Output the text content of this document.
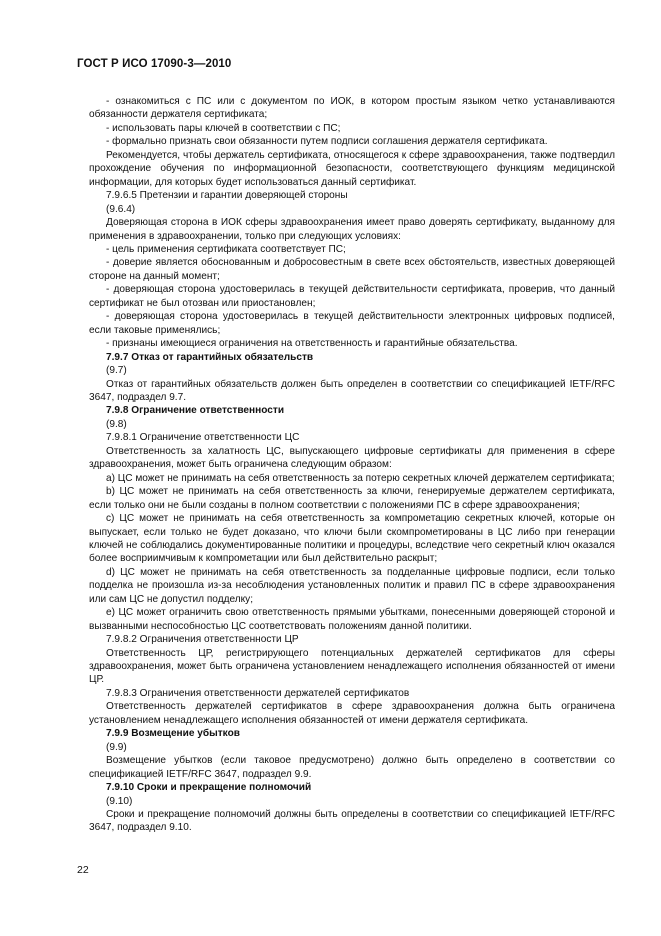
ГОСТ Р ИСО 17090-3—2010

- ознакомиться с ПС или с документом по ИОК, в котором простым языком четко устанавливаются обязанности держателя сертификата;

- использовать пары ключей в соответствии с ПС;

- формально признать свои обязанности путем подписи соглашения держателя сертификата.

Рекомендуется, чтобы держатель сертификата, относящегося к сфере здравоохранения, также подтвердил прохождение обучения по информационной безопасности, соответствующего функциям медицинской информации, для которых будет использоваться данный сертификат.

7.9.6.5 Претензии и гарантии доверяющей стороны

(9.6.4)

Доверяющая сторона в ИОК сферы здравоохранения имеет право доверять сертификату, выданному для применения в здравоохранении, только при следующих условиях:

- цель применения сертификата соответствует ПС;

- доверие является обоснованным и добросовестным в свете всех обстоятельств, известных доверяющей стороне на данный момент;

- доверяющая сторона удостоверилась в текущей действительности сертификата, проверив, что данный сертификат не был отозван или приостановлен;

- доверяющая сторона удостоверилась в текущей действительности электронных цифровых подписей, если таковые применялись;

- признаны имеющиеся ограничения на ответственность и гарантийные обязательства.

7.9.7 Отказ от гарантийных обязательств

(9.7)

Отказ от гарантийных обязательств должен быть определен в соответствии со спецификацией IETF/RFC 3647, подраздел 9.7.

7.9.8 Ограничение ответственности

(9.8)

7.9.8.1 Ограничение ответственности ЦС

Ответственность за халатность ЦС, выпускающего цифровые сертификаты для применения в сфере здравоохранения, может быть ограничена следующим образом:

a) ЦС может не принимать на себя ответственность за потерю секретных ключей держателем сертификата;

b) ЦС может не принимать на себя ответственность за ключи, генерируемые держателем сертификата, если только они не были созданы в полном соответствии с положениями ПС в сфере здравоохранения;

c) ЦС может не принимать на себя ответственность за компрометацию секретных ключей, которые он выпускает, если только не будет доказано, что ключи были скомпрометированы в ЦС либо при генерации ключей не соблюдались документированные политики и процедуры, вследствие чего секретный ключ оказался более восприимчивым к компрометации или был действительно раскрыт;

d) ЦС может не принимать на себя ответственность за подделанные цифровые подписи, если только подделка не произошла из-за несоблюдения установленных политик и правил ПС в сфере здравоохранения или сам ЦС не допустил подделку;

e) ЦС может ограничить свою ответственность прямыми убытками, понесенными доверяющей стороной и вызванными неспособностью ЦС соответствовать положениям данной политики.

7.9.8.2 Ограничения ответственности ЦР

Ответственность ЦР, регистрирующего потенциальных держателей сертификатов для сферы здравоохранения, может быть ограничена установлением ненадлежащего исполнения обязанностей от имени ЦР.

7.9.8.3 Ограничения ответственности держателей сертификатов

Ответственность держателей сертификатов в сфере здравоохранения должна быть ограничена установлением ненадлежащего исполнения обязанностей от имени держателя сертификата.

7.9.9 Возмещение убытков

(9.9)

Возмещение убытков (если таковое предусмотрено) должно быть определено в соответствии со спецификацией IETF/RFC 3647, подраздел 9.9.

7.9.10 Сроки и прекращение полномочий

(9.10)

Сроки и прекращение полномочий должны быть определены в соответствии со спецификацией IETF/RFC 3647, подраздел 9.10.

22
